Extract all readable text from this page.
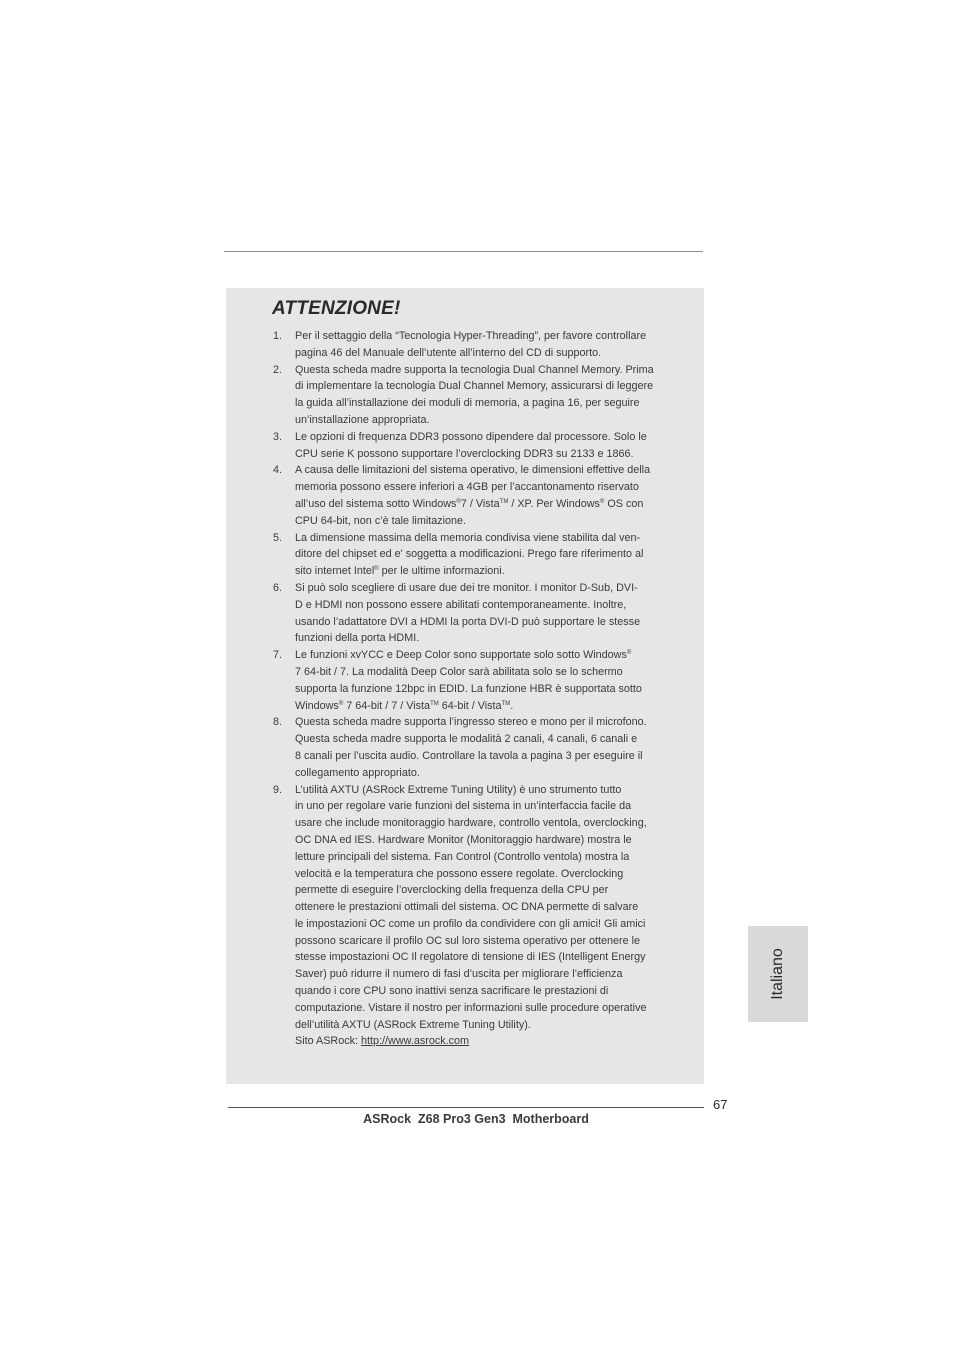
ATTENZIONE!
1. Per il settaggio della “Tecnologia Hyper-Threading”, per favore controllare
pagina 46 del Manuale dell’utente all’interno del CD di supporto.
2. Questa scheda madre supporta la tecnologia Dual Channel Memory. Prima
di implementare la tecnologia Dual Channel Memory, assicurarsi di leggere
la guida all’installazione dei moduli di memoria, a pagina 16, per seguire
un’installazione appropriata.
3. Le opzioni di frequenza DDR3 possono dipendere dal processore. Solo le
CPU serie K possono supportare l’overclocking DDR3 su 2133 e 1866.
4. A causa delle limitazioni del sistema operativo, le dimensioni effettive della
memoria possono essere inferiori a 4GB per l’accantonamento riservato
all’uso del sistema sotto Windows®7 / Vista™ / XP. Per Windows® OS con
CPU 64-bit, non c’è tale limitazione.
5. La dimensione massima della memoria condivisa viene stabilita dal ven-
ditore del chipset ed e' soggetta a modificazioni. Prego fare riferimento al
sito internet Intel® per le ultime informazioni.
6. Si può solo scegliere di usare due dei tre monitor. I monitor D-Sub, DVI-
D e HDMI non possono essere abilitati contemporaneamente. Inoltre,
usando l’adattatore DVI a HDMI la porta DVI-D può supportare le stesse
funzioni della porta HDMI.
7. Le funzioni xvYCC e Deep Color sono supportate solo sotto Windows®
7 64-bit / 7. La modalità Deep Color sarà abilitata solo se lo schermo
supporta la funzione 12bpc in EDID. La funzione HBR è supportata sotto
Windows® 7 64-bit / 7 / Vista™ 64-bit / Vista™.
8. Questa scheda madre supporta l’ingresso stereo e mono per il microfono.
Questa scheda madre supporta le modalità 2 canali, 4 canali, 6 canali e
8 canali per l’uscita audio. Controllare la tavola a pagina 3 per eseguire il
collegamento appropriato.
9. L’utilità AXTU (ASRock Extreme Tuning Utility) è uno strumento tutto
in uno per regolare varie funzioni del sistema in un’interfaccia facile da
usare che include monitoraggio hardware, controllo ventola, overclocking,
OC DNA ed IES. Hardware Monitor (Monitoraggio hardware) mostra le
letture principali del sistema. Fan Control (Controllo ventola) mostra la
velocità e la temperatura che possono essere regolate. Overclocking
permette di eseguire l’overclocking della frequenza della CPU per
ottenere le prestazioni ottimali del sistema. OC DNA permette di salvare
le impostazioni OC come un profilo da condividere con gli amici! Gli amici
possono scaricare il profilo OC sul loro sistema operativo per ottenere le
stesse impostazioni OC Il regolatore di tensione di IES (Intelligent Energy
Saver) può ridurre il numero di fasi d’uscita per migliorare l’efficienza
quando i core CPU sono inattivi senza sacrificare le prestazioni di
computazione. Vistare il nostro per informazioni sulle procedure operative
dell’utilità AXTU (ASRock Extreme Tuning Utility).
Sito ASRock: http://www.asrock.com
Italiano
67
ASRock  Z68 Pro3 Gen3  Motherboard
